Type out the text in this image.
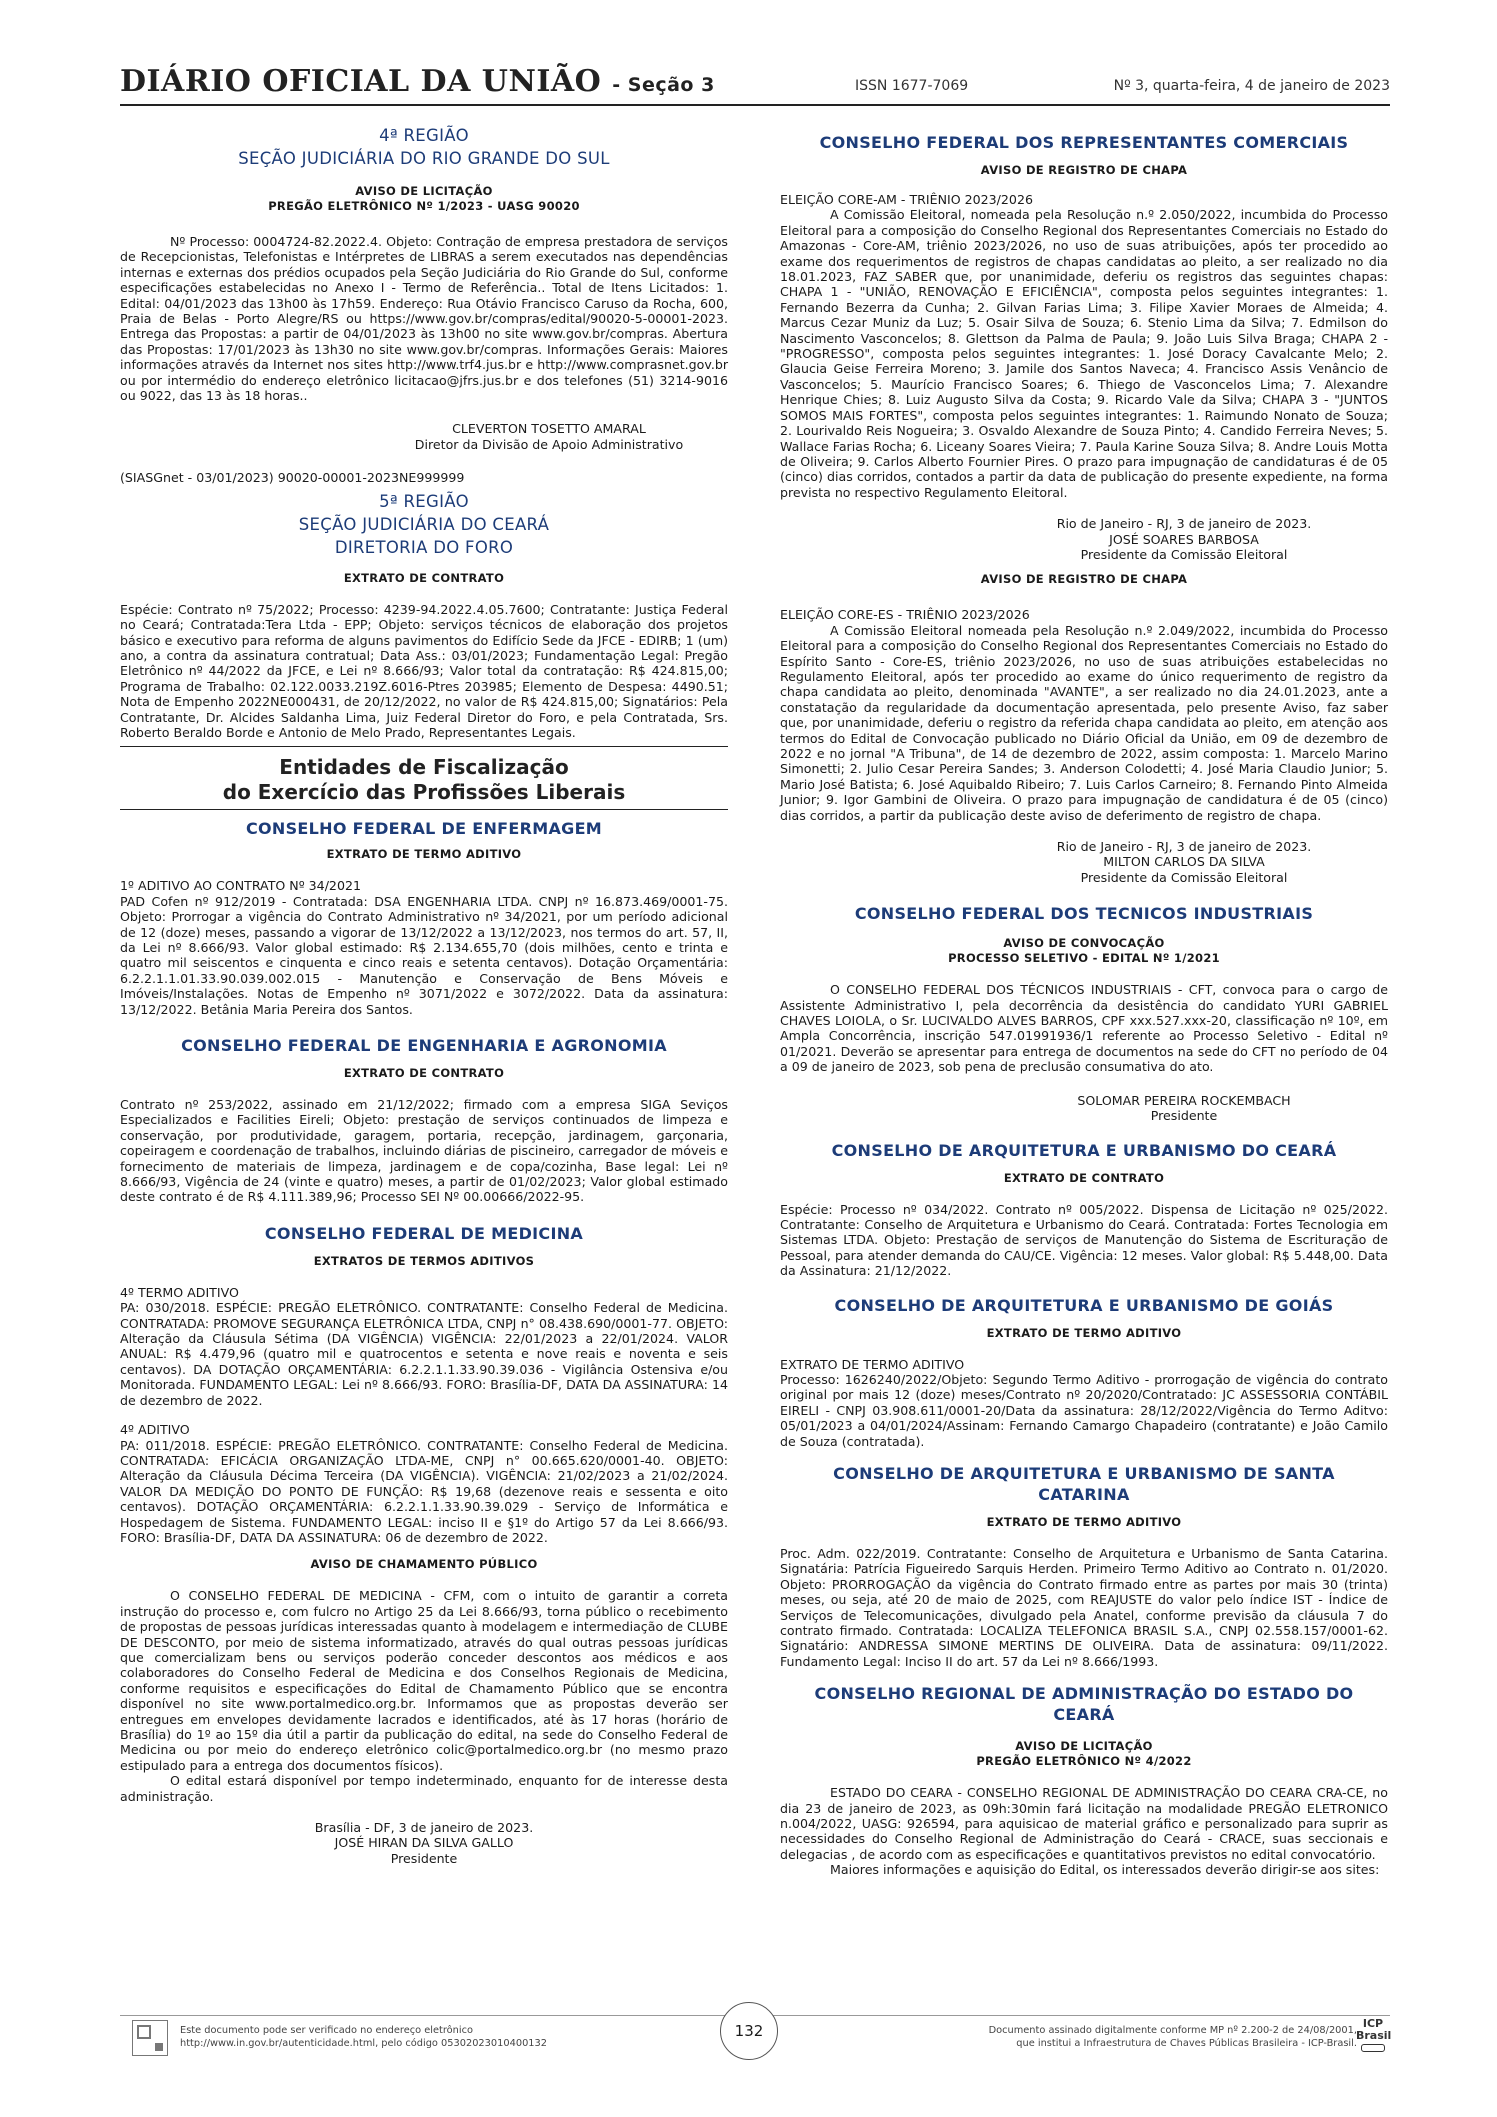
DIÁRIO OFICIAL DA UNIÃO - Seção 3	ISSN 1677-7069	Nº 3, quarta-feira, 4 de janeiro de 2023
4ª REGIÃO
SEÇÃO JUDICIÁRIA DO RIO GRANDE DO SUL
AVISO DE LICITAÇÃO
PREGÃO ELETRÔNICO Nº 1/2023 - UASG 90020

Nº Processo: 0004724-82.2022.4. Objeto: Contração de empresa prestadora de serviços de Recepcionistas, Telefonistas e Intérpretes de LIBRAS a serem executados nas dependências internas e externas dos prédios ocupados pela Seção Judiciária do Rio Grande do Sul, conforme especificações estabelecidas no Anexo I - Termo de Referência.. Total de Itens Licitados: 1. Edital: 04/01/2023 das 13h00 às 17h59. Endereço: Rua Otávio Francisco Caruso da Rocha, 600, Praia de Belas - Porto Alegre/RS ou https://www.gov.br/compras/edital/90020-5-00001-2023. Entrega das Propostas: a partir de 04/01/2023 às 13h00 no site www.gov.br/compras. Abertura das Propostas: 17/01/2023 às 13h30 no site www.gov.br/compras. Informações Gerais: Maiores informações através da Internet nos sites http://www.trf4.jus.br e http://www.comprasnet.gov.br ou por intermédio do endereço eletrônico licitacao@jfrs.jus.br e dos telefones (51) 3214-9016 ou 9022, das 13 às 18 horas..

CLEVERTON TOSETTO AMARAL
Diretor da Divisão de Apoio Administrativo

(SIASGnet - 03/01/2023) 90020-00001-2023NE999999

5ª REGIÃO
SEÇÃO JUDICIÁRIA DO CEARÁ
DIRETORIA DO FORO
EXTRATO DE CONTRATO

Espécie: Contrato nº 75/2022; Processo: 4239-94.2022.4.05.7600; Contratante: Justiça Federal no Ceará; Contratada:Tera Ltda - EPP; Objeto: serviços técnicos de elaboração dos projetos básico e executivo para reforma de alguns pavimentos do Edifício Sede da JFCE - EDIRB; 1 (um) ano, a contra da assinatura contratual; Data Ass.: 03/01/2023; Fundamentação Legal: Pregão Eletrônico nº 44/2022 da JFCE, e Lei nº 8.666/93; Valor total da contratação: R$ 424.815,00; Programa de Trabalho: 02.122.0033.219Z.6016-Ptres 203985; Elemento de Despesa: 4490.51; Nota de Empenho 2022NE000431, de 20/12/2022, no valor de R$ 424.815,00; Signatários: Pela Contratante, Dr. Alcides Saldanha Lima, Juiz Federal Diretor do Foro, e pela Contratada, Srs. Roberto Beraldo Borde e Antonio de Melo Prado, Representantes Legais.

Entidades de Fiscalização
do Exercício das Profissões Liberais
CONSELHO FEDERAL DE ENFERMAGEM
EXTRATO DE TERMO ADITIVO

1º ADITIVO AO CONTRATO Nº 34/2021

PAD Cofen nº 912/2019 - Contratada: DSA ENGENHARIA LTDA. CNPJ nº 16.873.469/0001-75. Objeto: Prorrogar a vigência do Contrato Administrativo nº 34/2021, por um período adicional de 12 (doze) meses, passando a vigorar de 13/12/2022 a 13/12/2023, nos termos do art. 57, II, da Lei nº 8.666/93. Valor global estimado: R$ 2.134.655,70 (dois milhões, cento e trinta e quatro mil seiscentos e cinquenta e cinco reais e setenta centavos). Dotação Orçamentária: 6.2.2.1.1.01.33.90.039.002.015 - Manutenção e Conservação de Bens Móveis e Imóveis/Instalações. Notas de Empenho nº 3071/2022 e 3072/2022. Data da assinatura: 13/12/2022. Betânia Maria Pereira dos Santos.

CONSELHO FEDERAL DE ENGENHARIA E AGRONOMIA
EXTRATO DE CONTRATO

Contrato nº 253/2022, assinado em 21/12/2022; firmado com a empresa SIGA Seviços Especializados e Facilities Eireli; Objeto: prestação de serviços continuados de limpeza e conservação, por produtividade, garagem, portaria, recepção, jardinagem, garçonaria, copeiragem e coordenação de trabalhos, incluindo diárias de piscineiro, carregador de móveis e fornecimento de materiais de limpeza, jardinagem e de copa/cozinha, Base legal: Lei nº 8.666/93, Vigência de 24 (vinte e quatro) meses, a partir de 01/02/2023; Valor global estimado deste contrato é de R$ 4.111.389,96; Processo SEI Nº 00.00666/2022-95.

CONSELHO FEDERAL DE MEDICINA
EXTRATOS DE TERMOS ADITIVOS

4º TERMO ADITIVO

PA: 030/2018. ESPÉCIE: PREGÃO ELETRÔNICO. CONTRATANTE: Conselho Federal de Medicina. CONTRATADA: PROMOVE SEGURANÇA ELETRÔNICA LTDA, CNPJ n° 08.438.690/0001-77. OBJETO: Alteração da Cláusula Sétima (DA VIGÊNCIA) VIGÊNCIA: 22/01/2023 a 22/01/2024. VALOR ANUAL: R$ 4.479,96 (quatro mil e quatrocentos e setenta e nove reais e noventa e seis centavos). DA DOTAÇÃO ORÇAMENTÁRIA: 6.2.2.1.1.33.90.39.036 - Vigilância Ostensiva e/ou Monitorada. FUNDAMENTO LEGAL: Lei nº 8.666/93. FORO: Brasília-DF, DATA DA ASSINATURA: 14 de dezembro de 2022.

4º ADITIVO

PA: 011/2018. ESPÉCIE: PREGÃO ELETRÔNICO. CONTRATANTE: Conselho Federal de Medicina. CONTRATADA: EFICÁCIA ORGANIZAÇÃO LTDA-ME, CNPJ n° 00.665.620/0001-40. OBJETO: Alteração da Cláusula Décima Terceira (DA VIGÊNCIA). VIGÊNCIA: 21/02/2023 a 21/02/2024. VALOR DA MEDIÇÃO DO PONTO DE FUNÇÃO: R$ 19,68 (dezenove reais e sessenta e oito centavos). DOTAÇÃO ORÇAMENTÁRIA: 6.2.2.1.1.33.90.39.029 - Serviço de Informática e Hospedagem de Sistema. FUNDAMENTO LEGAL: inciso II e §1º do Artigo 57 da Lei 8.666/93. FORO: Brasília-DF, DATA DA ASSINATURA: 06 de dezembro de 2022.

AVISO DE CHAMAMENTO PÚBLICO

O CONSELHO FEDERAL DE MEDICINA - CFM, com o intuito de garantir a correta instrução do processo e, com fulcro no Artigo 25 da Lei 8.666/93, torna público o recebimento de propostas de pessoas jurídicas interessadas quanto à modelagem e intermediação de CLUBE DE DESCONTO, por meio de sistema informatizado, através do qual outras pessoas jurídicas que comercializam bens ou serviços poderão conceder descontos aos médicos e aos colaboradores do Conselho Federal de Medicina e dos Conselhos Regionais de Medicina, conforme requisitos e especificações do Edital de Chamamento Público que se encontra disponível no site www.portalmedico.org.br. Informamos que as propostas deverão ser entregues em envelopes devidamente lacrados e identificados, até às 17 horas (horário de Brasília) do 1º ao 15º dia útil a partir da publicação do edital, na sede do Conselho Federal de Medicina ou por meio do endereço eletrônico colic@portalmedico.org.br (no mesmo prazo estipulado para a entrega dos documentos físicos).

O edital estará disponível por tempo indeterminado, enquanto for de interesse desta administração.

Brasília - DF, 3 de janeiro de 2023.
JOSÉ HIRAN DA SILVA GALLO
Presidente
CONSELHO FEDERAL DOS REPRESENTANTES COMERCIAIS
AVISO DE REGISTRO DE CHAPA

ELEIÇÃO CORE-AM - TRIÊNIO 2023/2026

A Comissão Eleitoral, nomeada pela Resolução n.º 2.050/2022, incumbida do Processo Eleitoral para a composição do Conselho Regional dos Representantes Comerciais no Estado do Amazonas - Core-AM, triênio 2023/2026, no uso de suas atribuições, após ter procedido ao exame dos requerimentos de registros de chapas candidatas ao pleito, a ser realizado no dia 18.01.2023, FAZ SABER que, por unanimidade, deferiu os registros das seguintes chapas: CHAPA 1 - "UNIÃO, RENOVAÇÃO E EFICIÊNCIA", composta pelos seguintes integrantes: 1. Fernando Bezerra da Cunha; 2. Gilvan Farias Lima; 3. Filipe Xavier Moraes de Almeida; 4. Marcus Cezar Muniz da Luz; 5. Osair Silva de Souza; 6. Stenio Lima da Silva; 7. Edmilson do Nascimento Vasconcelos; 8. Glettson da Palma de Paula; 9. João Luis Silva Braga; CHAPA 2 - "PROGRESSO", composta pelos seguintes integrantes: 1. José Doracy Cavalcante Melo; 2. Glaucia Geise Ferreira Moreno; 3. Jamile dos Santos Naveca; 4. Francisco Assis Venâncio de Vasconcelos; 5. Maurício Francisco Soares; 6. Thiego de Vasconcelos Lima; 7. Alexandre Henrique Chies; 8. Luiz Augusto Silva da Costa; 9. Ricardo Vale da Silva; CHAPA 3 - "JUNTOS SOMOS MAIS FORTES", composta pelos seguintes integrantes: 1. Raimundo Nonato de Souza; 2. Lourivaldo Reis Nogueira; 3. Osvaldo Alexandre de Souza Pinto; 4. Candido Ferreira Neves; 5. Wallace Farias Rocha; 6. Liceany Soares Vieira; 7. Paula Karine Souza Silva; 8. Andre Louis Motta de Oliveira; 9. Carlos Alberto Fournier Pires. O prazo para impugnação de candidaturas é de 05 (cinco) dias corridos, contados a partir da data de publicação do presente expediente, na forma prevista no respectivo Regulamento Eleitoral.

Rio de Janeiro - RJ, 3 de janeiro de 2023.
JOSÉ SOARES BARBOSA
Presidente da Comissão Eleitoral
AVISO DE REGISTRO DE CHAPA

ELEIÇÃO CORE-ES - TRIÊNIO 2023/2026

A Comissão Eleitoral nomeada pela Resolução n.º 2.049/2022, incumbida do Processo Eleitoral para a composição do Conselho Regional dos Representantes Comerciais no Estado do Espírito Santo - Core-ES, triênio 2023/2026, no uso de suas atribuições estabelecidas no Regulamento Eleitoral, após ter procedido ao exame do único requerimento de registro da chapa candidata ao pleito, denominada "AVANTE", a ser realizado no dia 24.01.2023, ante a constatação da regularidade da documentação apresentada, pelo presente Aviso, faz saber que, por unanimidade, deferiu o registro da referida chapa candidata ao pleito, em atenção aos termos do Edital de Convocação publicado no Diário Oficial da União, em 09 de dezembro de 2022 e no jornal "A Tribuna", de 14 de dezembro de 2022, assim composta: 1. Marcelo Marino Simonetti; 2. Julio Cesar Pereira Sandes; 3. Anderson Colodetti; 4. José Maria Claudio Junior; 5. Mario José Batista; 6. José Aquibaldo Ribeiro; 7. Luis Carlos Carneiro; 8. Fernando Pinto Almeida Junior; 9. Igor Gambini de Oliveira. O prazo para impugnação de candidatura é de 05 (cinco) dias corridos, a partir da publicação deste aviso de deferimento de registro de chapa.

Rio de Janeiro - RJ, 3 de janeiro de 2023.
MILTON CARLOS DA SILVA
Presidente da Comissão Eleitoral
CONSELHO FEDERAL DOS TECNICOS INDUSTRIAIS
AVISO DE CONVOCAÇÃO
PROCESSO SELETIVO - EDITAL Nº 1/2021

O CONSELHO FEDERAL DOS TÉCNICOS INDUSTRIAIS - CFT, convoca para o cargo de Assistente Administrativo I, pela decorrência da desistência do candidato YURI GABRIEL CHAVES LOIOLA, o Sr. LUCIVALDO ALVES BARROS, CPF xxx.527.xxx-20, classificação nº 10º, em Ampla Concorrência, inscrição 547.01991936/1 referente ao Processo Seletivo - Edital nº 01/2021. Deverão se apresentar para entrega de documentos na sede do CFT no período de 04 a 09 de janeiro de 2023, sob pena de preclusão consumativa do ato.

SOLOMAR PEREIRA ROCKEMBACH
Presidente
CONSELHO DE ARQUITETURA E URBANISMO DO CEARÁ
EXTRATO DE CONTRATO

Espécie: Processo nº 034/2022. Contrato nº 005/2022. Dispensa de Licitação nº 025/2022. Contratante: Conselho de Arquitetura e Urbanismo do Ceará. Contratada: Fortes Tecnologia em Sistemas LTDA. Objeto: Prestação de serviços de Manutenção do Sistema de Escrituração de Pessoal, para atender demanda do CAU/CE. Vigência: 12 meses. Valor global: R$ 5.448,00. Data da Assinatura: 21/12/2022.

CONSELHO DE ARQUITETURA E URBANISMO DE GOIÁS
EXTRATO DE TERMO ADITIVO

EXTRATO DE TERMO ADITIVO

Processo: 1626240/2022/Objeto: Segundo Termo Aditivo - prorrogação de vigência do contrato original por mais 12 (doze) meses/Contrato nº 20/2020/Contratado: JC ASSESSORIA CONTÁBIL EIRELI - CNPJ 03.908.611/0001-20/Data da assinatura: 28/12/2022/Vigência do Termo Aditvo: 05/01/2023 a 04/01/2024/Assinam: Fernando Camargo Chapadeiro (contratante) e João Camilo de Souza (contratada).

CONSELHO DE ARQUITETURA E URBANISMO DE SANTA
CATARINA
EXTRATO DE TERMO ADITIVO

Proc. Adm. 022/2019. Contratante: Conselho de Arquitetura e Urbanismo de Santa Catarina. Signatária: Patrícia Figueiredo Sarquis Herden. Primeiro Termo Aditivo ao Contrato n. 01/2020. Objeto: PRORROGAÇÃO da vigência do Contrato firmado entre as partes por mais 30 (trinta) meses, ou seja, até 20 de maio de 2025, com REAJUSTE do valor pelo índice IST - Índice de Serviços de Telecomunicações, divulgado pela Anatel, conforme previsão da cláusula 7 do contrato firmado. Contratada: LOCALIZA TELEFONICA BRASIL S.A., CNPJ 02.558.157/0001-62. Signatário: ANDRESSA SIMONE MERTINS DE OLIVEIRA. Data de assinatura: 09/11/2022. Fundamento Legal: Inciso II do art. 57 da Lei nº 8.666/1993.

CONSELHO REGIONAL DE ADMINISTRAÇÃO DO ESTADO DO
CEARÁ
AVISO DE LICITAÇÃO
PREGÃO ELETRÔNICO Nº 4/2022

ESTADO DO CEARA - CONSELHO REGIONAL DE ADMINISTRAÇÃO DO CEARA CRA-CE, no dia 23 de janeiro de 2023, as 09h:30min fará licitação na modalidade PREGÃO ELETRONICO n.004/2022, UASG: 926594, para aquisicao de material gráfico e personalizado para suprir as necessidades do Conselho Regional de Administração do Ceará - CRACE, suas seccionais e delegacias , de acordo com as especificações e quantitativos previstos no edital convocatório.

Maiores informações e aquisição do Edital, os interessados deverão dirigir-se aos sites:

Este documento pode ser verificado no endereço eletrônico
http://www.in.gov.br/autenticidade.html, pelo código 05302023010400132
132	Documento assinado digitalmente conforme MP nº 2.200-2 de 24/08/2001,
que institui a Infraestrutura de Chaves Públicas Brasileira - ICP-Brasil.
ICP
Brasil
